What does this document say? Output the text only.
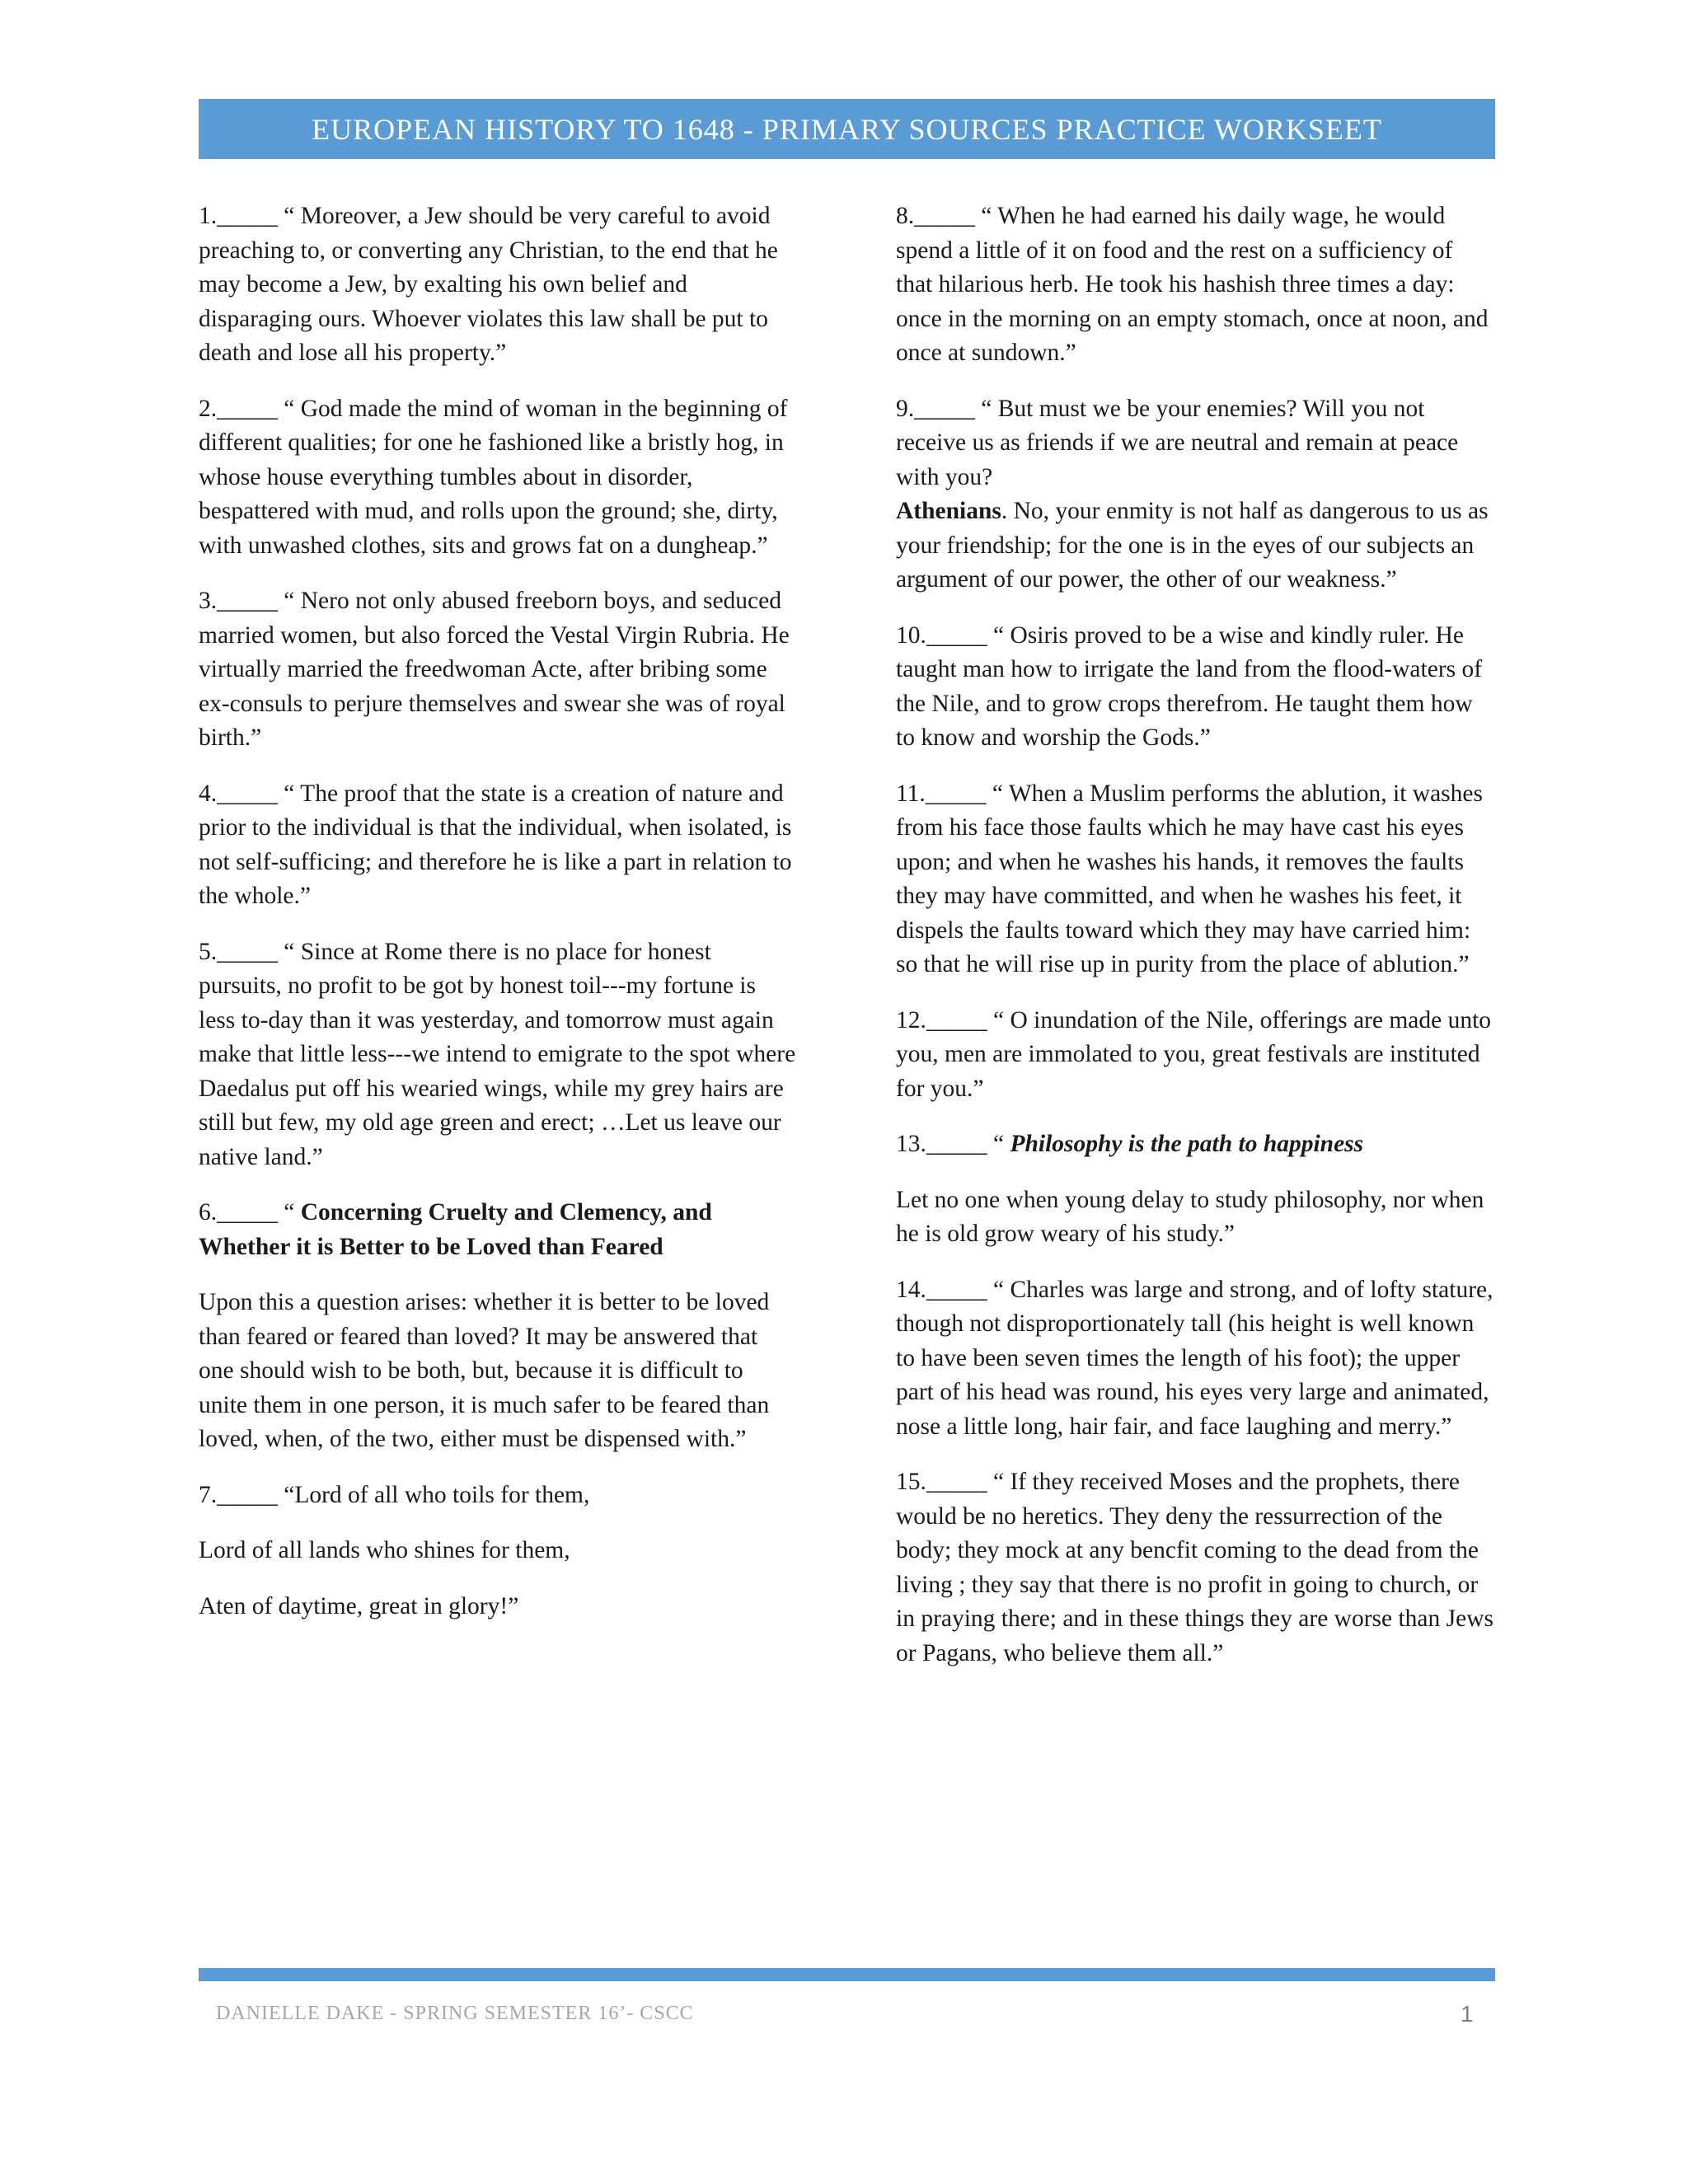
EUROPEAN HISTORY TO 1648 - PRIMARY SOURCES PRACTICE WORKSEET

1._____ “ Moreover, a Jew should be very careful to avoid preaching to, or converting any Christian, to the end that he may become a Jew, by exalting his own belief and disparaging ours. Whoever violates this law shall be put to death and lose all his property.”

2._____ “ God made the mind of woman in the beginning of different qualities; for one he fashioned like a bristly hog, in whose house everything tumbles about in disorder, bespattered with mud, and rolls upon the ground; she, dirty, with unwashed clothes, sits and grows fat on a dungheap.”

3._____ “ Nero not only abused freeborn boys, and seduced married women, but also forced the Vestal Virgin Rubria. He virtually married the freedwoman Acte, after bribing some ex-consuls to perjure themselves and swear she was of royal birth.”

4._____ “ The proof that the state is a creation of nature and prior to the individual is that the individual, when isolated, is not self-sufficing; and therefore he is like a part in relation to the whole.”

5._____ “ Since at Rome there is no place for honest pursuits, no profit to be got by honest toil---my fortune is less to-day than it was yesterday, and tomorrow must again make that little less---we intend to emigrate to the spot where Daedalus put off his wearied wings, while my grey hairs are still but few, my old age green and erect; …Let us leave our native land.”

6._____ “ Concerning Cruelty and Clemency, and Whether it is Better to be Loved than Feared

Upon this a question arises: whether it is better to be loved than feared or feared than loved? It may be answered that one should wish to be both, but, because it is difficult to unite them in one person, it is much safer to be feared than loved, when, of the two, either must be dispensed with.”

7._____ “Lord of all who toils for them,

Lord of all lands who shines for them,

Aten of daytime, great in glory!”

8._____ “ When he had earned his daily wage, he would spend a little of it on food and the rest on a sufficiency of that hilarious herb. He took his hashish three times a day: once in the morning on an empty stomach, once at noon, and once at sundown.”

9._____ “ But must we be your enemies? Will you not receive us as friends if we are neutral and remain at peace with you?
Athenians. No, your enmity is not half as dangerous to us as your friendship; for the one is in the eyes of our subjects an argument of our power, the other of our weakness.”

10._____ “ Osiris proved to be a wise and kindly ruler. He taught man how to irrigate the land from the flood-waters of the Nile, and to grow crops therefrom. He taught them how to know and worship the Gods.”

11._____ “ When a Muslim performs the ablution, it washes from his face those faults which he may have cast his eyes upon; and when he washes his hands, it removes the faults they may have committed, and when he washes his feet, it dispels the faults toward which they may have carried him: so that he will rise up in purity from the place of ablution.”

12._____ “ O inundation of the Nile, offerings are made unto you, men are immolated to you, great festivals are instituted for you.”

13._____ “ Philosophy is the path to happiness

Let no one when young delay to study philosophy, nor when he is old grow weary of his study.”

14._____ “ Charles was large and strong, and of lofty stature, though not disproportionately tall (his height is well known to have been seven times the length of his foot); the upper part of his head was round, his eyes very large and animated, nose a little long, hair fair, and face laughing and merry.”

15._____ “ If they received Moses and the prophets, there would be no heretics. They deny the ressurrection of the body; they mock at any bencfit coming to the dead from the living ; they say that there is no profit in going to church, or in praying there; and in these things they are worse than Jews or Pagans, who believe them all.”

DANIELLE DAKE - SPRING SEMESTER 16’- CSCC	1
